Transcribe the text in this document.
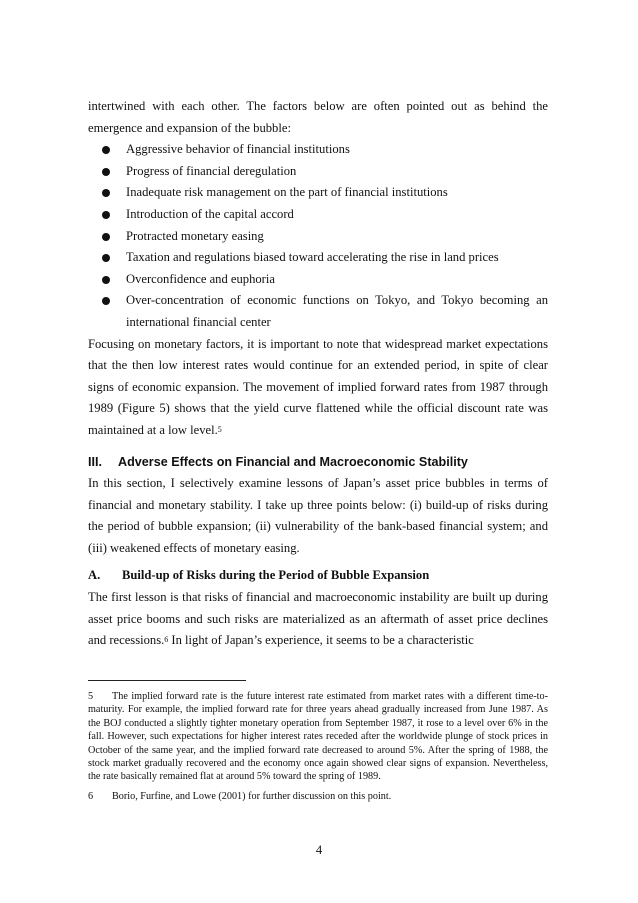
intertwined with each other. The factors below are often pointed out as behind the emergence and expansion of the bubble:

Aggressive behavior of financial institutions
Progress of financial deregulation
Inadequate risk management on the part of financial institutions
Introduction of the capital accord
Protracted monetary easing
Taxation and regulations biased toward accelerating the rise in land prices
Overconfidence and euphoria
Over-concentration of economic functions on Tokyo, and Tokyo becoming an international financial center

Focusing on monetary factors, it is important to note that widespread market expectations that the then low interest rates would continue for an extended period, in spite of clear signs of economic expansion. The movement of implied forward rates from 1987 through 1989 (Figure 5) shows that the yield curve flattened while the official discount rate was maintained at a low level.$^5$

III. Adverse Effects on Financial and Macroeconomic Stability

In this section, I selectively examine lessons of Japan’s asset price bubbles in terms of financial and monetary stability. I take up three points below: (i) build-up of risks during the period of bubble expansion; (ii) vulnerability of the bank-based financial system; and (iii) weakened effects of monetary easing.

A. Build-up of Risks during the Period of Bubble Expansion

The first lesson is that risks of financial and macroeconomic instability are built up during asset price booms and such risks are materialized as an aftermath of asset price declines and recessions.$^6$ In light of Japan’s experience, it seems to be a characteristic

5 The implied forward rate is the future interest rate estimated from market rates with a different time-to-maturity. For example, the implied forward rate for three years ahead gradually increased from June 1987. As the BOJ conducted a slightly tighter monetary operation from September 1987, it rose to a level over 6% in the fall. However, such expectations for higher interest rates receded after the worldwide plunge of stock prices in October of the same year, and the implied forward rate decreased to around 5%. After the spring of 1988, the stock market gradually recovered and the economy once again showed clear signs of expansion. Nevertheless, the rate basically remained flat at around 5% toward the spring of 1989.

6 Borio, Furfine, and Lowe (2001) for further discussion on this point.

4
